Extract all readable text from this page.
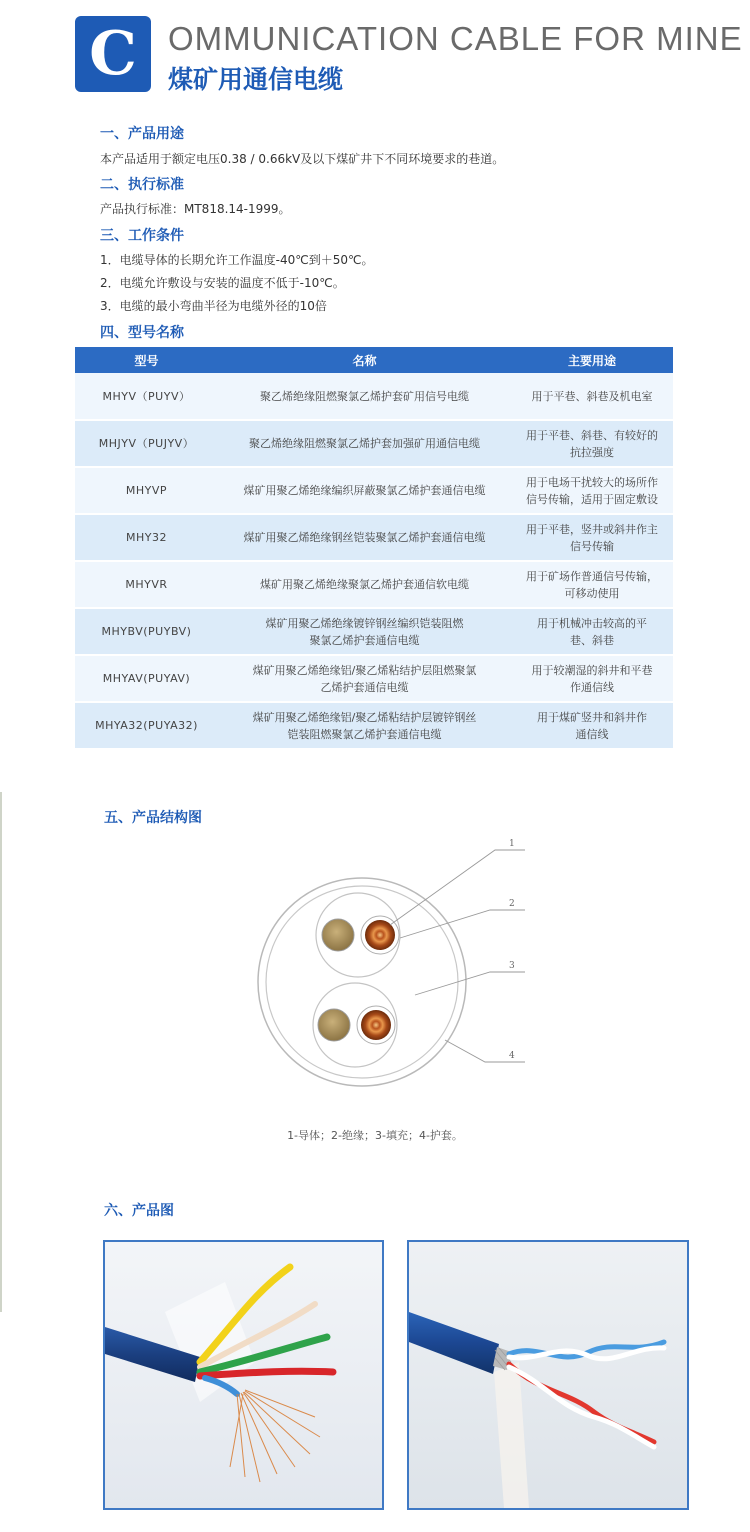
C OMMUNICATION CABLE FOR MINE
煤矿用通信电缆
一、产品用途
本产品适用于额定电压0.38 / 0.66kV及以下煤矿井下不同环境要求的巷道。
二、执行标准
产品执行标准：MT818.14-1999。
三、工作条件
1．电缆导体的长期允许工作温度-40℃到＋50℃。
2．电缆允许敷设与安装的温度不低于-10℃。
3．电缆的最小弯曲半径为电缆外径的10倍
四、型号名称
型号	名称	主要用途
MHYV（PUYV）	聚乙烯绝缘阻燃聚氯乙烯护套矿用信号电缆	用于平巷、斜巷及机电室
MHJYV（PUJYV）	聚乙烯绝缘阻燃聚氯乙烯护套加强矿用通信电缆	用于平巷、斜巷、有较好的
抗拉强度
MHYVP	煤矿用聚乙烯绝缘编织屏蔽聚氯乙烯护套通信电缆	用于电场干扰较大的场所作
信号传输，适用于固定敷设
MHY32	煤矿用聚乙烯绝缘钢丝铠装聚氯乙烯护套通信电缆	用于平巷，竖井或斜井作主
信号传输
MHYVR	煤矿用聚乙烯绝缘聚氯乙烯护套通信软电缆	用于矿场作普通信号传输，
可移动使用
MHYBV(PUYBV)	煤矿用聚乙烯绝缘镀锌钢丝编织铠装阻燃
聚氯乙烯护套通信电缆	用于机械冲击较高的平
巷、斜巷
MHYAV(PUYAV)	煤矿用聚乙烯绝缘铝/聚乙烯粘结护层阻燃聚氯
乙烯护套通信电缆	用于较潮湿的斜井和平巷
作通信线
MHYA32(PUYA32)	煤矿用聚乙烯绝缘铝/聚乙烯粘结护层镀锌钢丝
铠装阻燃聚氯乙烯护套通信电缆	用于煤矿竖井和斜井作
通信线
五、产品结构图
1
2
3
4
1-导体；2-绝缘；3-填充；4-护套。
六、产品图
